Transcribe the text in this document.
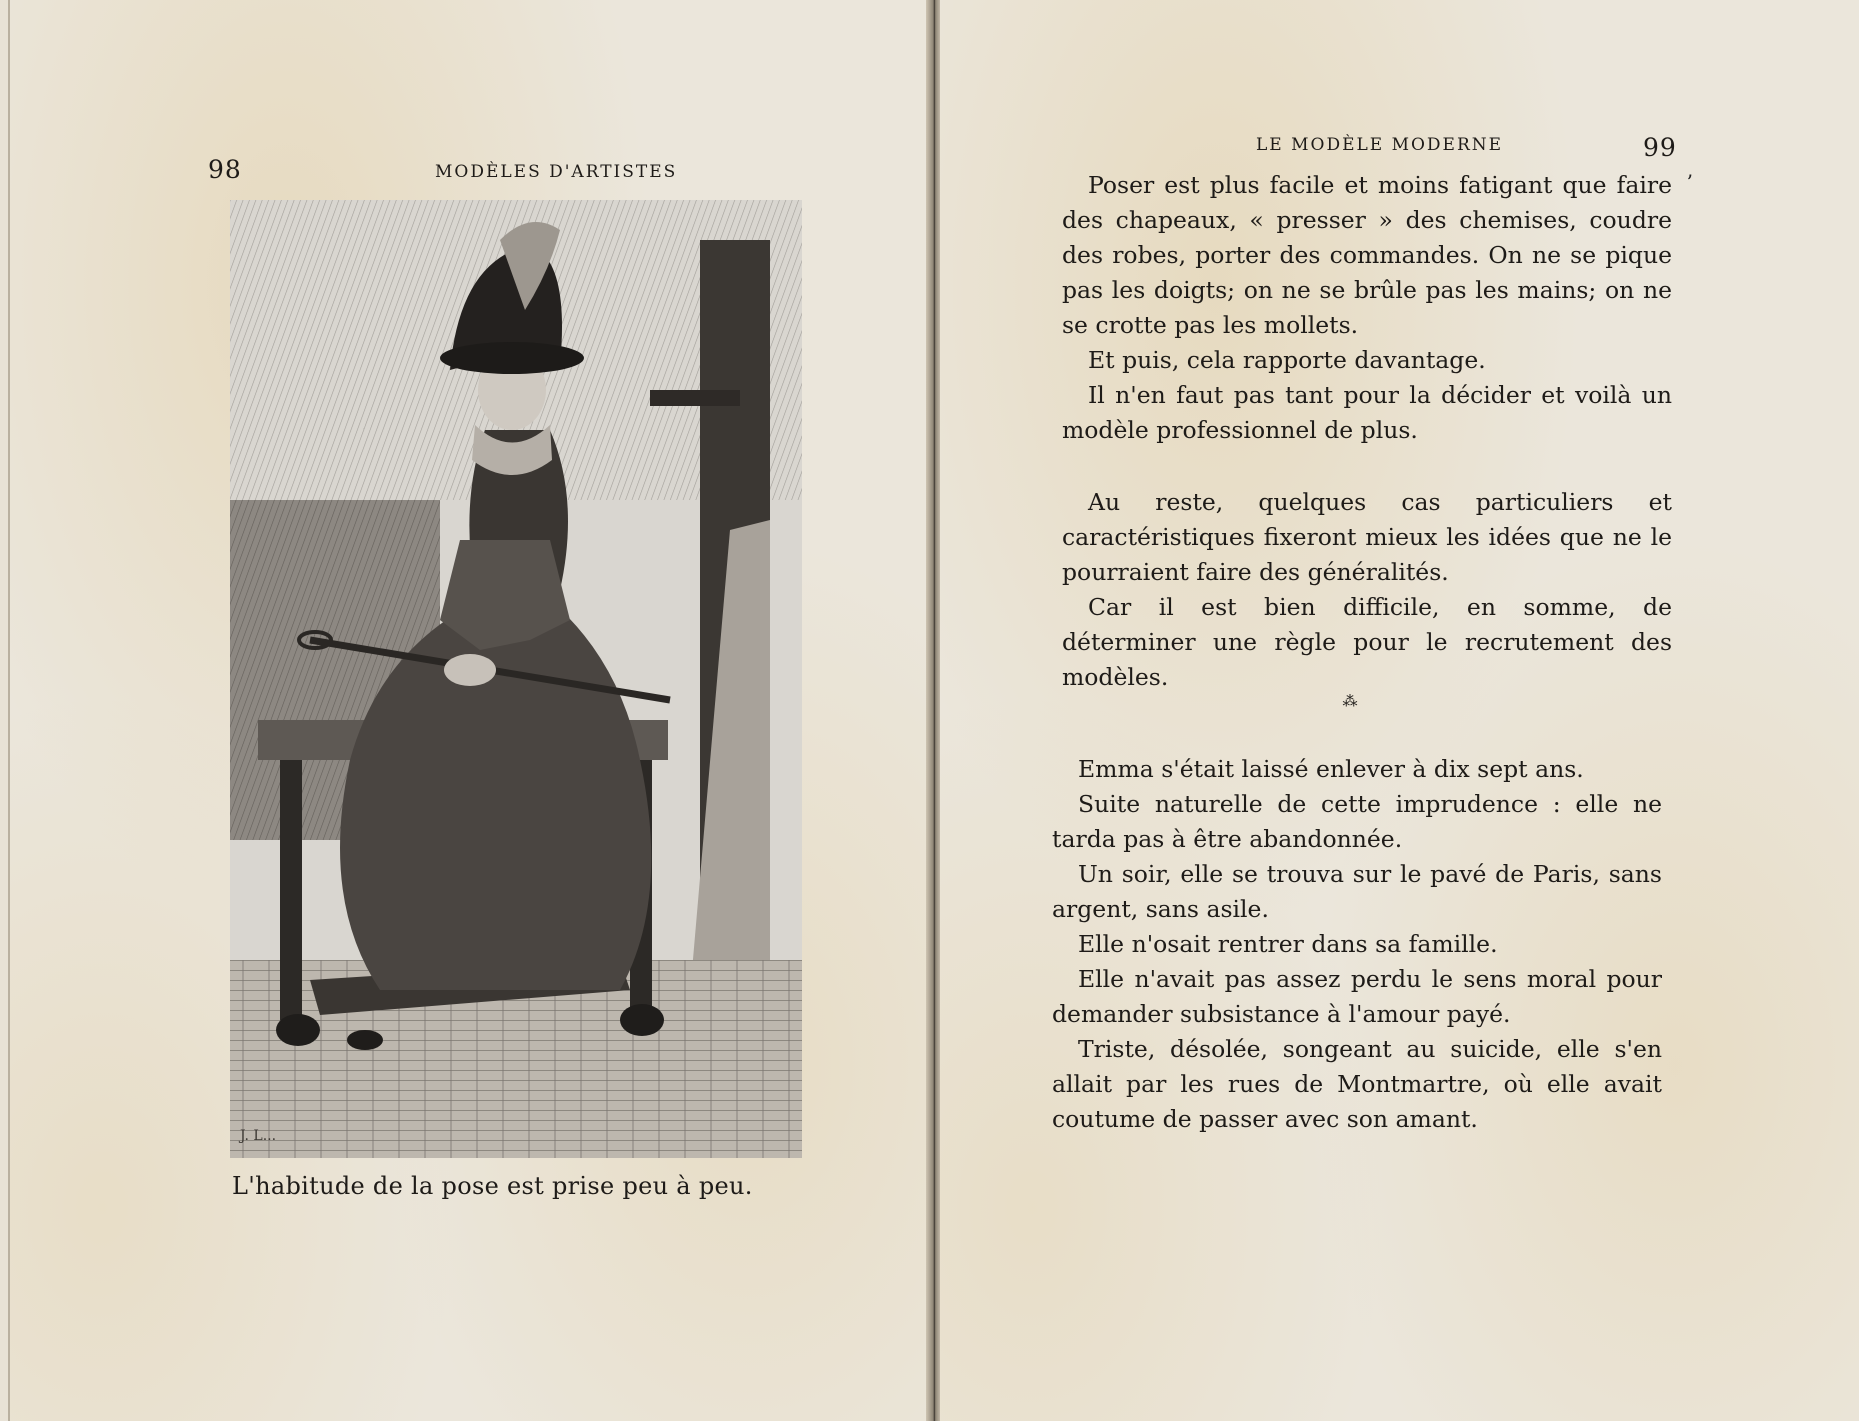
98	MODÈLES D'ARTISTES
J. L...
L'habitude de la pose est prise peu à peu.
LE MODÈLE MODERNE	99

Poser est plus facile et moins fatigant que faire des chapeaux, « presser » des chemises, coudre des robes, porter des commandes. On ne se pique pas les doigts; on ne se brûle pas les mains; on ne se crotte pas les mollets.

Et puis, cela rapporte davantage.

Il n'en faut pas tant pour la décider et voilà un modèle professionnel de plus.

Au reste, quelques cas particuliers et caractéristiques fixeront mieux les idées que ne le pourraient faire des généralités.

Car il est bien difficile, en somme, de déterminer une règle pour le recrutement des modèles.

⁂

Emma s'était laissé enlever à dix sept ans.

Suite naturelle de cette imprudence : elle ne tarda pas à être abandonnée.

Un soir, elle se trouva sur le pavé de Paris, sans argent, sans asile.

Elle n'osait rentrer dans sa famille.

Elle n'avait pas assez perdu le sens moral pour demander subsistance à l'amour payé.

Triste, désolée, songeant au suicide, elle s'en allait par les rues de Montmartre, où elle avait coutume de passer avec son amant.

ʼ
